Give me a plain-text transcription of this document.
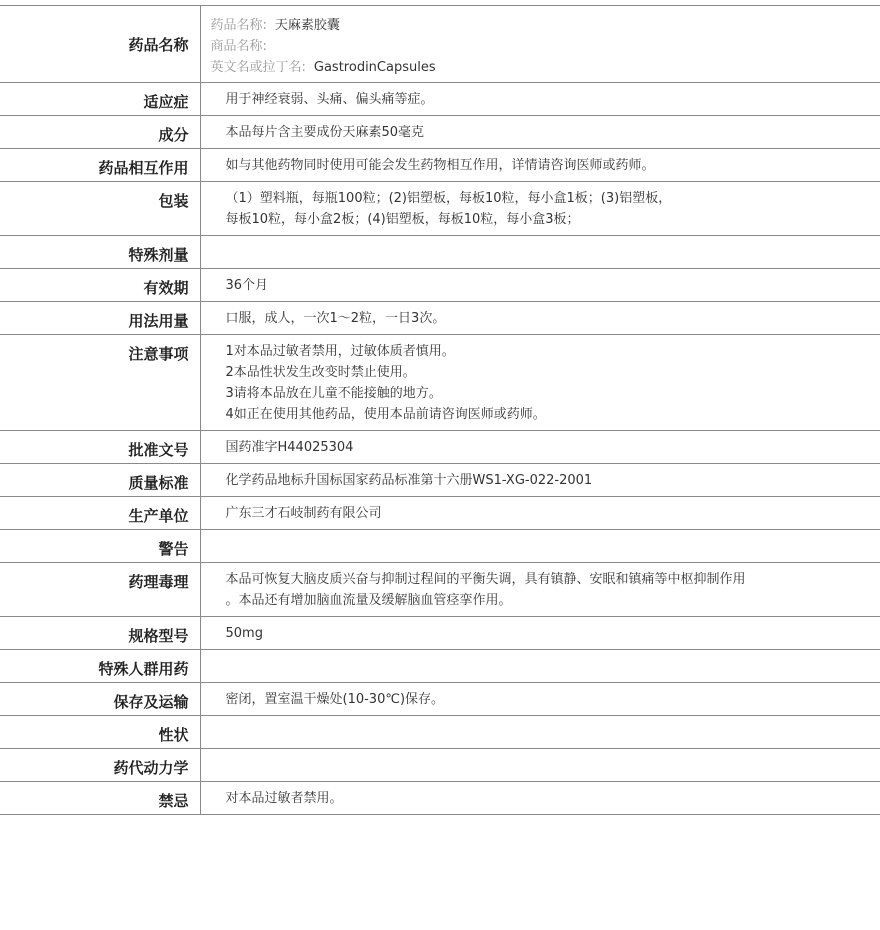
药品名称	药品名称: 天麻素胶囊
商品名称:
英文名或拉丁名: GastrodinCapsules

适应症	用于神经衰弱、头痛、偏头痛等症。

成分	本品每片含主要成份天麻素50毫克

药品相互作用	如与其他药物同时使用可能会发生药物相互作用，详情请咨询医师或药师。

包装	（1）塑料瓶，每瓶100粒；(2)铝塑板，每板10粒，每小盒1板；(3)铝塑板，
每板10粒，每小盒2板；(4)铝塑板，每板10粒，每小盒3板；

特殊剂量	
有效期	36个月

用法用量	口服，成人，一次1～2粒，一日3次。

注意事项	1对本品过敏者禁用，过敏体质者慎用。
2本品性状发生改变时禁止使用。
3请将本品放在儿童不能接触的地方。
4如正在使用其他药品，使用本品前请咨询医师或药师。

批准文号	国药准字H44025304

质量标准	化学药品地标升国标国家药品标准第十六册WS1-XG-022-2001

生产单位	广东三才石岐制药有限公司

警告	
药理毒理	本品可恢复大脑皮质兴奋与抑制过程间的平衡失调，具有镇静、安眠和镇痛等中枢抑制作用
。本品还有增加脑血流量及缓解脑血管痉挛作用。

规格型号	50mg

特殊人群用药	
保存及运输	密闭，置室温干燥处(10-30℃)保存。

性状	
药代动力学	
禁忌	对本品过敏者禁用。
